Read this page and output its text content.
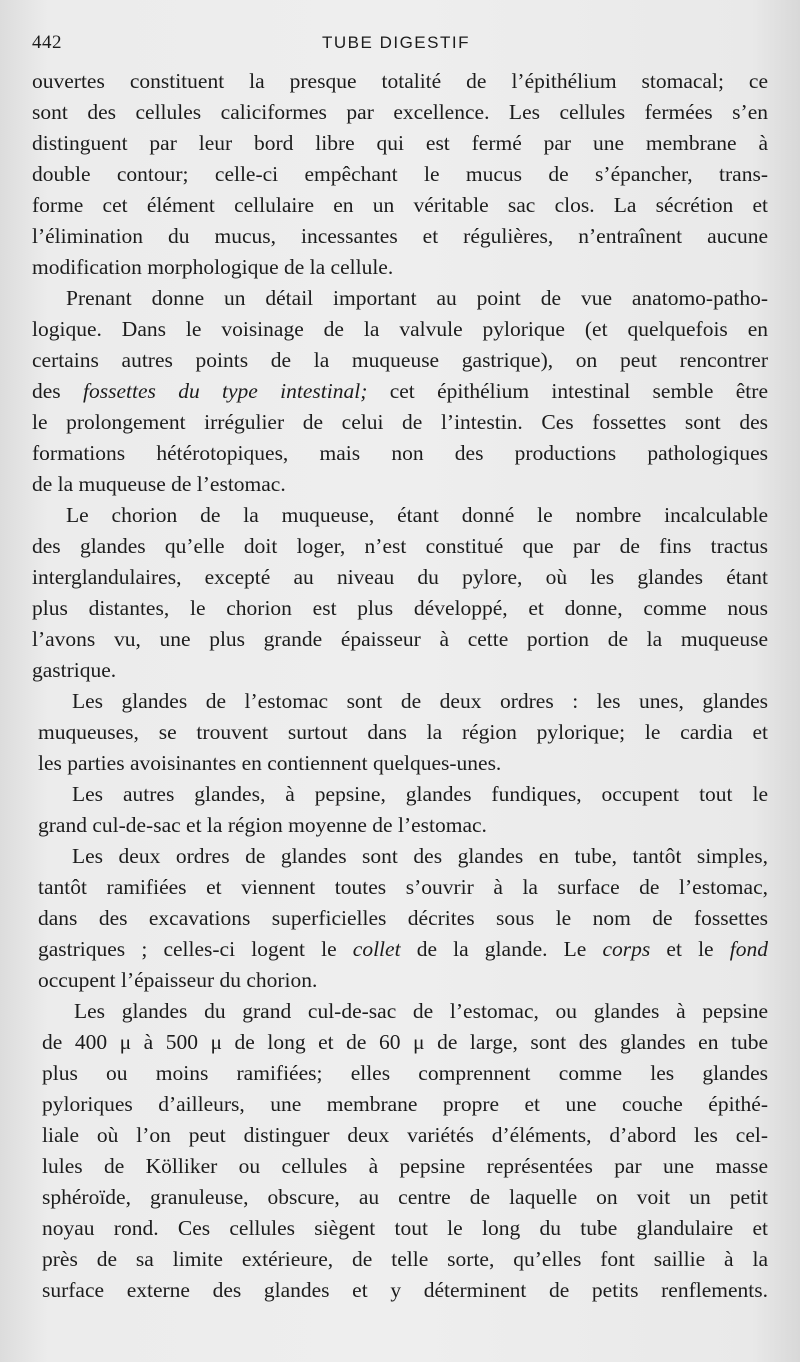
442	TUBE DIGESTIF
ouvertes constituent la presque totalité de l’épithélium stomacal; ce
sont des cellules caliciformes par excellence. Les cellules fermées s’en
distinguent par leur bord libre qui est fermé par une membrane à
double contour; celle-ci empêchant le mucus de s’épancher, trans-
forme cet élément cellulaire en un véritable sac clos. La sécrétion et
l’élimination du mucus, incessantes et régulières, n’entraînent aucune
modification morphologique de la cellule.
Prenant donne un détail important au point de vue anatomo-patho-
logique. Dans le voisinage de la valvule pylorique (et quelquefois en
certains autres points de la muqueuse gastrique), on peut rencontrer
des fossettes du type intestinal; cet épithélium intestinal semble être
le prolongement irrégulier de celui de l’intestin. Ces fossettes sont des
formations hétérotopiques, mais non des productions pathologiques
de la muqueuse de l’estomac.
Le chorion de la muqueuse, étant donné le nombre incalculable
des glandes qu’elle doit loger, n’est constitué que par de fins tractus
interglandulaires, excepté au niveau du pylore, où les glandes étant
plus distantes, le chorion est plus développé, et donne, comme nous
l’avons vu, une plus grande épaisseur à cette portion de la muqueuse
gastrique.
Les glandes de l’estomac sont de deux ordres : les unes, glandes
muqueuses, se trouvent surtout dans la région pylorique; le cardia et
les parties avoisinantes en contiennent quelques-unes.
Les autres glandes, à pepsine, glandes fundiques, occupent tout le
grand cul-de-sac et la région moyenne de l’estomac.
Les deux ordres de glandes sont des glandes en tube, tantôt simples,
tantôt ramifiées et viennent toutes s’ouvrir à la surface de l’estomac,
dans des excavations superficielles décrites sous le nom de fossettes
gastriques ; celles-ci logent le collet de la glande. Le corps et le fond
occupent l’épaisseur du chorion.
Les glandes du grand cul-de-sac de l’estomac, ou glandes à pepsine
de 400 μ à 500 μ de long et de 60 μ de large, sont des glandes en tube
plus ou moins ramifiées; elles comprennent comme les glandes
pyloriques d’ailleurs, une membrane propre et une couche épithé-
liale où l’on peut distinguer deux variétés d’éléments, d’abord les cel-
lules de Kölliker ou cellules à pepsine représentées par une masse
sphéroïde, granuleuse, obscure, au centre de laquelle on voit un petit
noyau rond. Ces cellules siègent tout le long du tube glandulaire et
près de sa limite extérieure, de telle sorte, qu’elles font saillie à la
surface externe des glandes et y déterminent de petits renflements.
